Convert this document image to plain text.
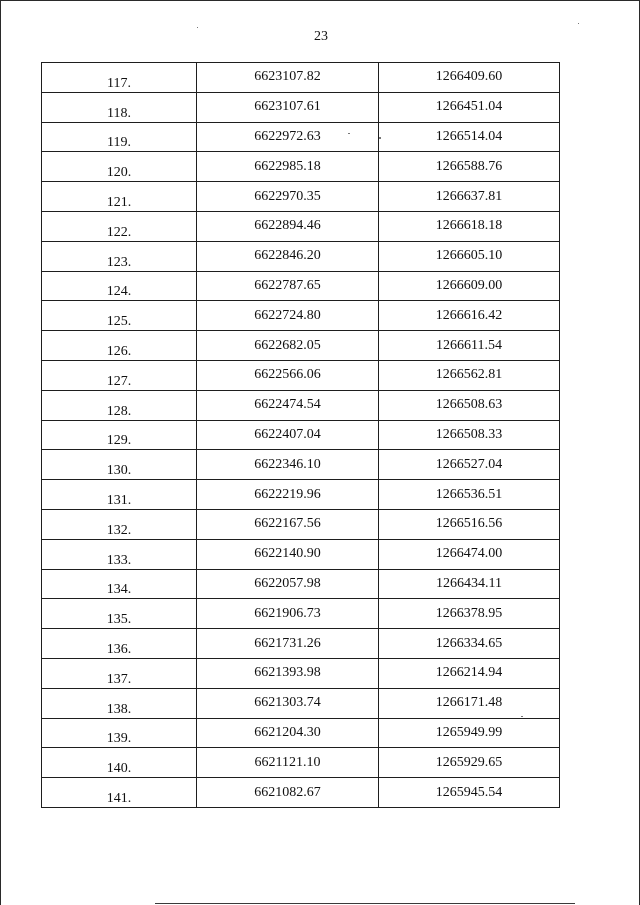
23
117.	6623107.82	1266409.60
118.	6623107.61	1266451.04
119.	6622972.63	1266514.04
120.	6622985.18	1266588.76
121.	6622970.35	1266637.81
122.	6622894.46	1266618.18
123.	6622846.20	1266605.10
124.	6622787.65	1266609.00
125.	6622724.80	1266616.42
126.	6622682.05	1266611.54
127.	6622566.06	1266562.81
128.	6622474.54	1266508.63
129.	6622407.04	1266508.33
130.	6622346.10	1266527.04
131.	6622219.96	1266536.51
132.	6622167.56	1266516.56
133.	6622140.90	1266474.00
134.	6622057.98	1266434.11
135.	6621906.73	1266378.95
136.	6621731.26	1266334.65
137.	6621393.98	1266214.94
138.	6621303.74	1266171.48
139.	6621204.30	1265949.99
140.	6621121.10	1265929.65
141.	6621082.67	1265945.54
